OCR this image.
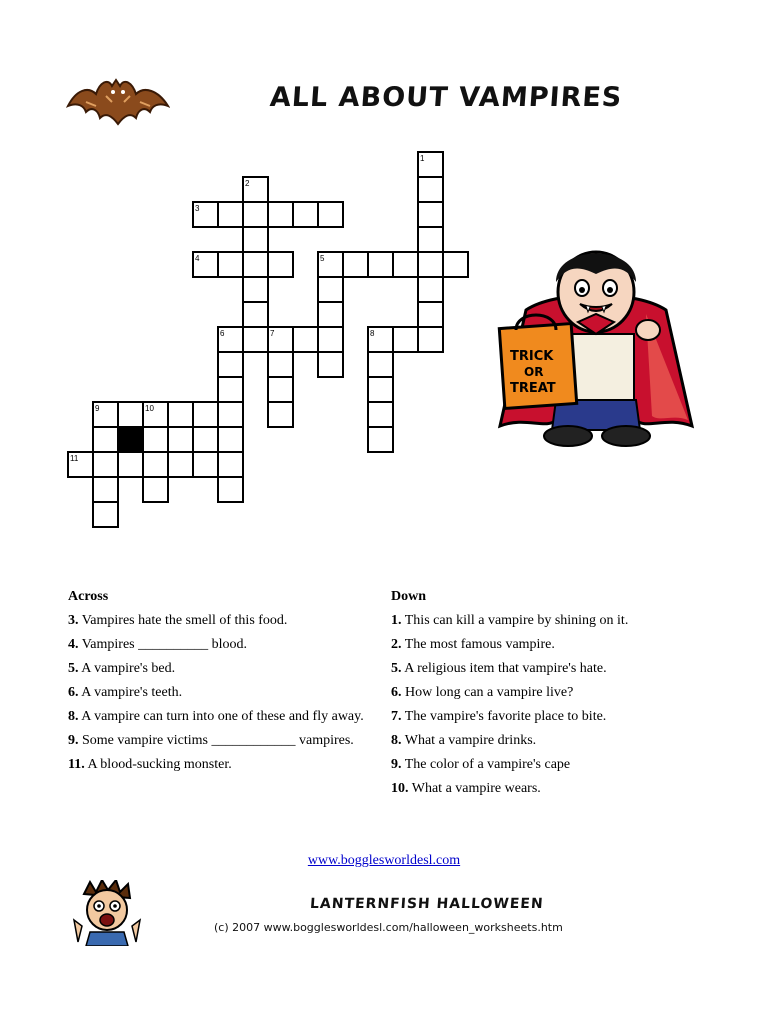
ALL ABOUT VAMPIRES
1
2
3
4	5
6	7	8
9	10
11
TRICK
OR
TREAT
Across
3. Vampires hate the smell of this food.
4. Vampires __________ blood.
5. A vampire's bed.
6. A vampire's teeth.
8. A vampire can turn into one of these and fly away.
9. Some vampire victims ____________ vampires.
11. A blood-sucking monster.
Down
1. This can kill a vampire by shining on it.
2. The most famous vampire.
5. A religious item that vampire's hate.
6. How long can a vampire live?
7. The vampire's favorite place to bite.
8. What a vampire drinks.
9. The color of a vampire's cape
10. What a vampire wears.
www.bogglesworldesl.com
LANTERNFISH HALLOWEEN
(c) 2007 www.bogglesworldesl.com/halloween_worksheets.htm
